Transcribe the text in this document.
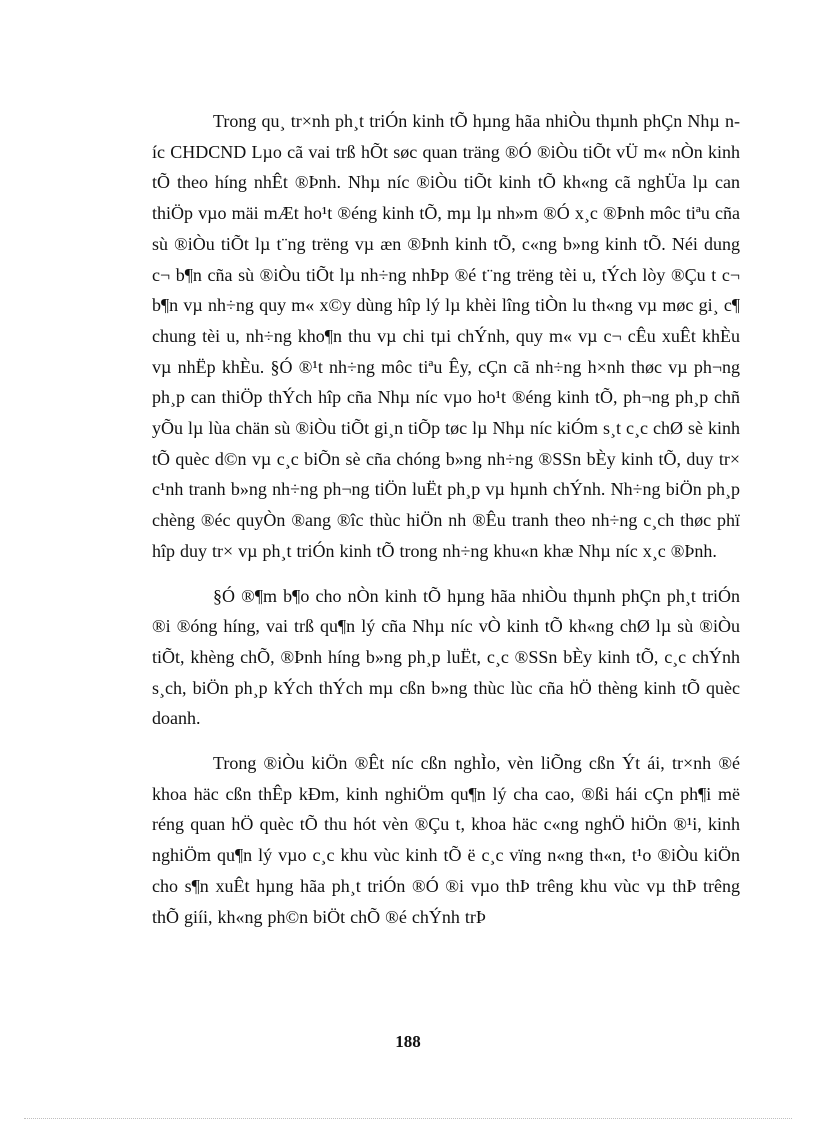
Trong qu¸ tr×nh ph¸t triÓn kinh tÕ hµng hãa nhiÒu thµnh phÇn Nhµ níc CHDCND Lµo cã vai trß hÕt søc quan träng ®Ó ®iÒu tiÕt vÜ m« nÒn kinh tÕ theo híng nhÊt ®Þnh. Nhµ níc ®iÒu tiÕt kinh tÕ kh«ng cã nghÜa lµ can thiÖp vµo mäi mÆt ho¹t ®éng kinh tÕ, mµ lµ nh»m ®Ó x¸c ®Þnh môc tiªu cña sù ®iÒu tiÕt lµ t¨ng trëng vµ æn ®Þnh kinh tÕ, c«ng b»ng kinh tÕ. Néi dung c¬ b¶n cña sù ®iÒu tiÕt lµ nh÷ng nhÞp ®é t¨ng trëng tèi u, tÝch lòy ®Çu t c¬ b¶n vµ nh÷ng quy m« x©y dùng hîp lý lµ khèi lîng tiÒn lu th«ng vµ møc gi¸ c¶ chung tèi u, nh÷ng kho¶n thu vµ chi tµi chÝnh, quy m« vµ c¬ cÊu xuÊt khÈu vµ nhËp khÈu. §Ó ®¹t nh÷ng môc tiªu Êy, cÇn cã nh÷ng h×nh thøc vµ ph¬ng ph¸p can thiÖp thÝch hîp cña Nhµ níc vµo ho¹t ®éng kinh tÕ, ph¬ng ph¸p chñ yÕu lµ lùa chän sù ®iÒu tiÕt gi¸n tiÕp tøc lµ Nhµ níc kiÓm s¸t c¸c chØ sè kinh tÕ quèc d©n vµ c¸c biÕn sè cña chóng b»ng nh÷ng ®SSn bÈy kinh tÕ, duy tr× c¹nh tranh b»ng nh÷ng ph¬ng tiÖn luËt ph¸p vµ hµnh chÝnh. Nh÷ng biÖn ph¸p chèng ®éc quyÒn ®ang ®îc thùc hiÖn nh ®Êu tranh theo nh÷ng c¸ch thøc phï hîp duy tr× vµ ph¸t triÓn kinh tÕ trong nh÷ng khu«n khæ Nhµ níc x¸c ®Þnh.

§Ó ®¶m b¶o cho nÒn kinh tÕ hµng hãa nhiÒu thµnh phÇn ph¸t triÓn ®i ®óng híng, vai trß qu¶n lý cña Nhµ níc vÒ kinh tÕ kh«ng chØ lµ sù ®iÒu tiÕt, khèng chÕ, ®Þnh híng b»ng ph¸p luËt, c¸c ®SSn bÈy kinh tÕ, c¸c chÝnh s¸ch, biÖn ph¸p kÝch thÝch mµ cßn b»ng thùc lùc cña hÖ thèng kinh tÕ quèc doanh.

Trong ®iÒu kiÖn ®Êt níc cßn nghÌo, vèn liÕng cßn Ýt ái, tr×nh ®é khoa häc cßn thÊp kÐm, kinh nghiÖm qu¶n lý cha cao, ®ßi hái cÇn ph¶i më réng quan hÖ quèc tÕ thu hót vèn ®Çu t, khoa häc c«ng nghÖ hiÖn ®¹i, kinh nghiÖm qu¶n lý vµo c¸c khu vùc kinh tÕ ë c¸c vïng n«ng th«n, t¹o ®iÒu kiÖn cho s¶n xuÊt hµng hãa ph¸t triÓn ®Ó ®i vµo thÞ trêng khu vùc vµ thÞ trêng thÕ giíi, kh«ng ph©n biÖt chÕ ®é chÝnh trÞ

188
